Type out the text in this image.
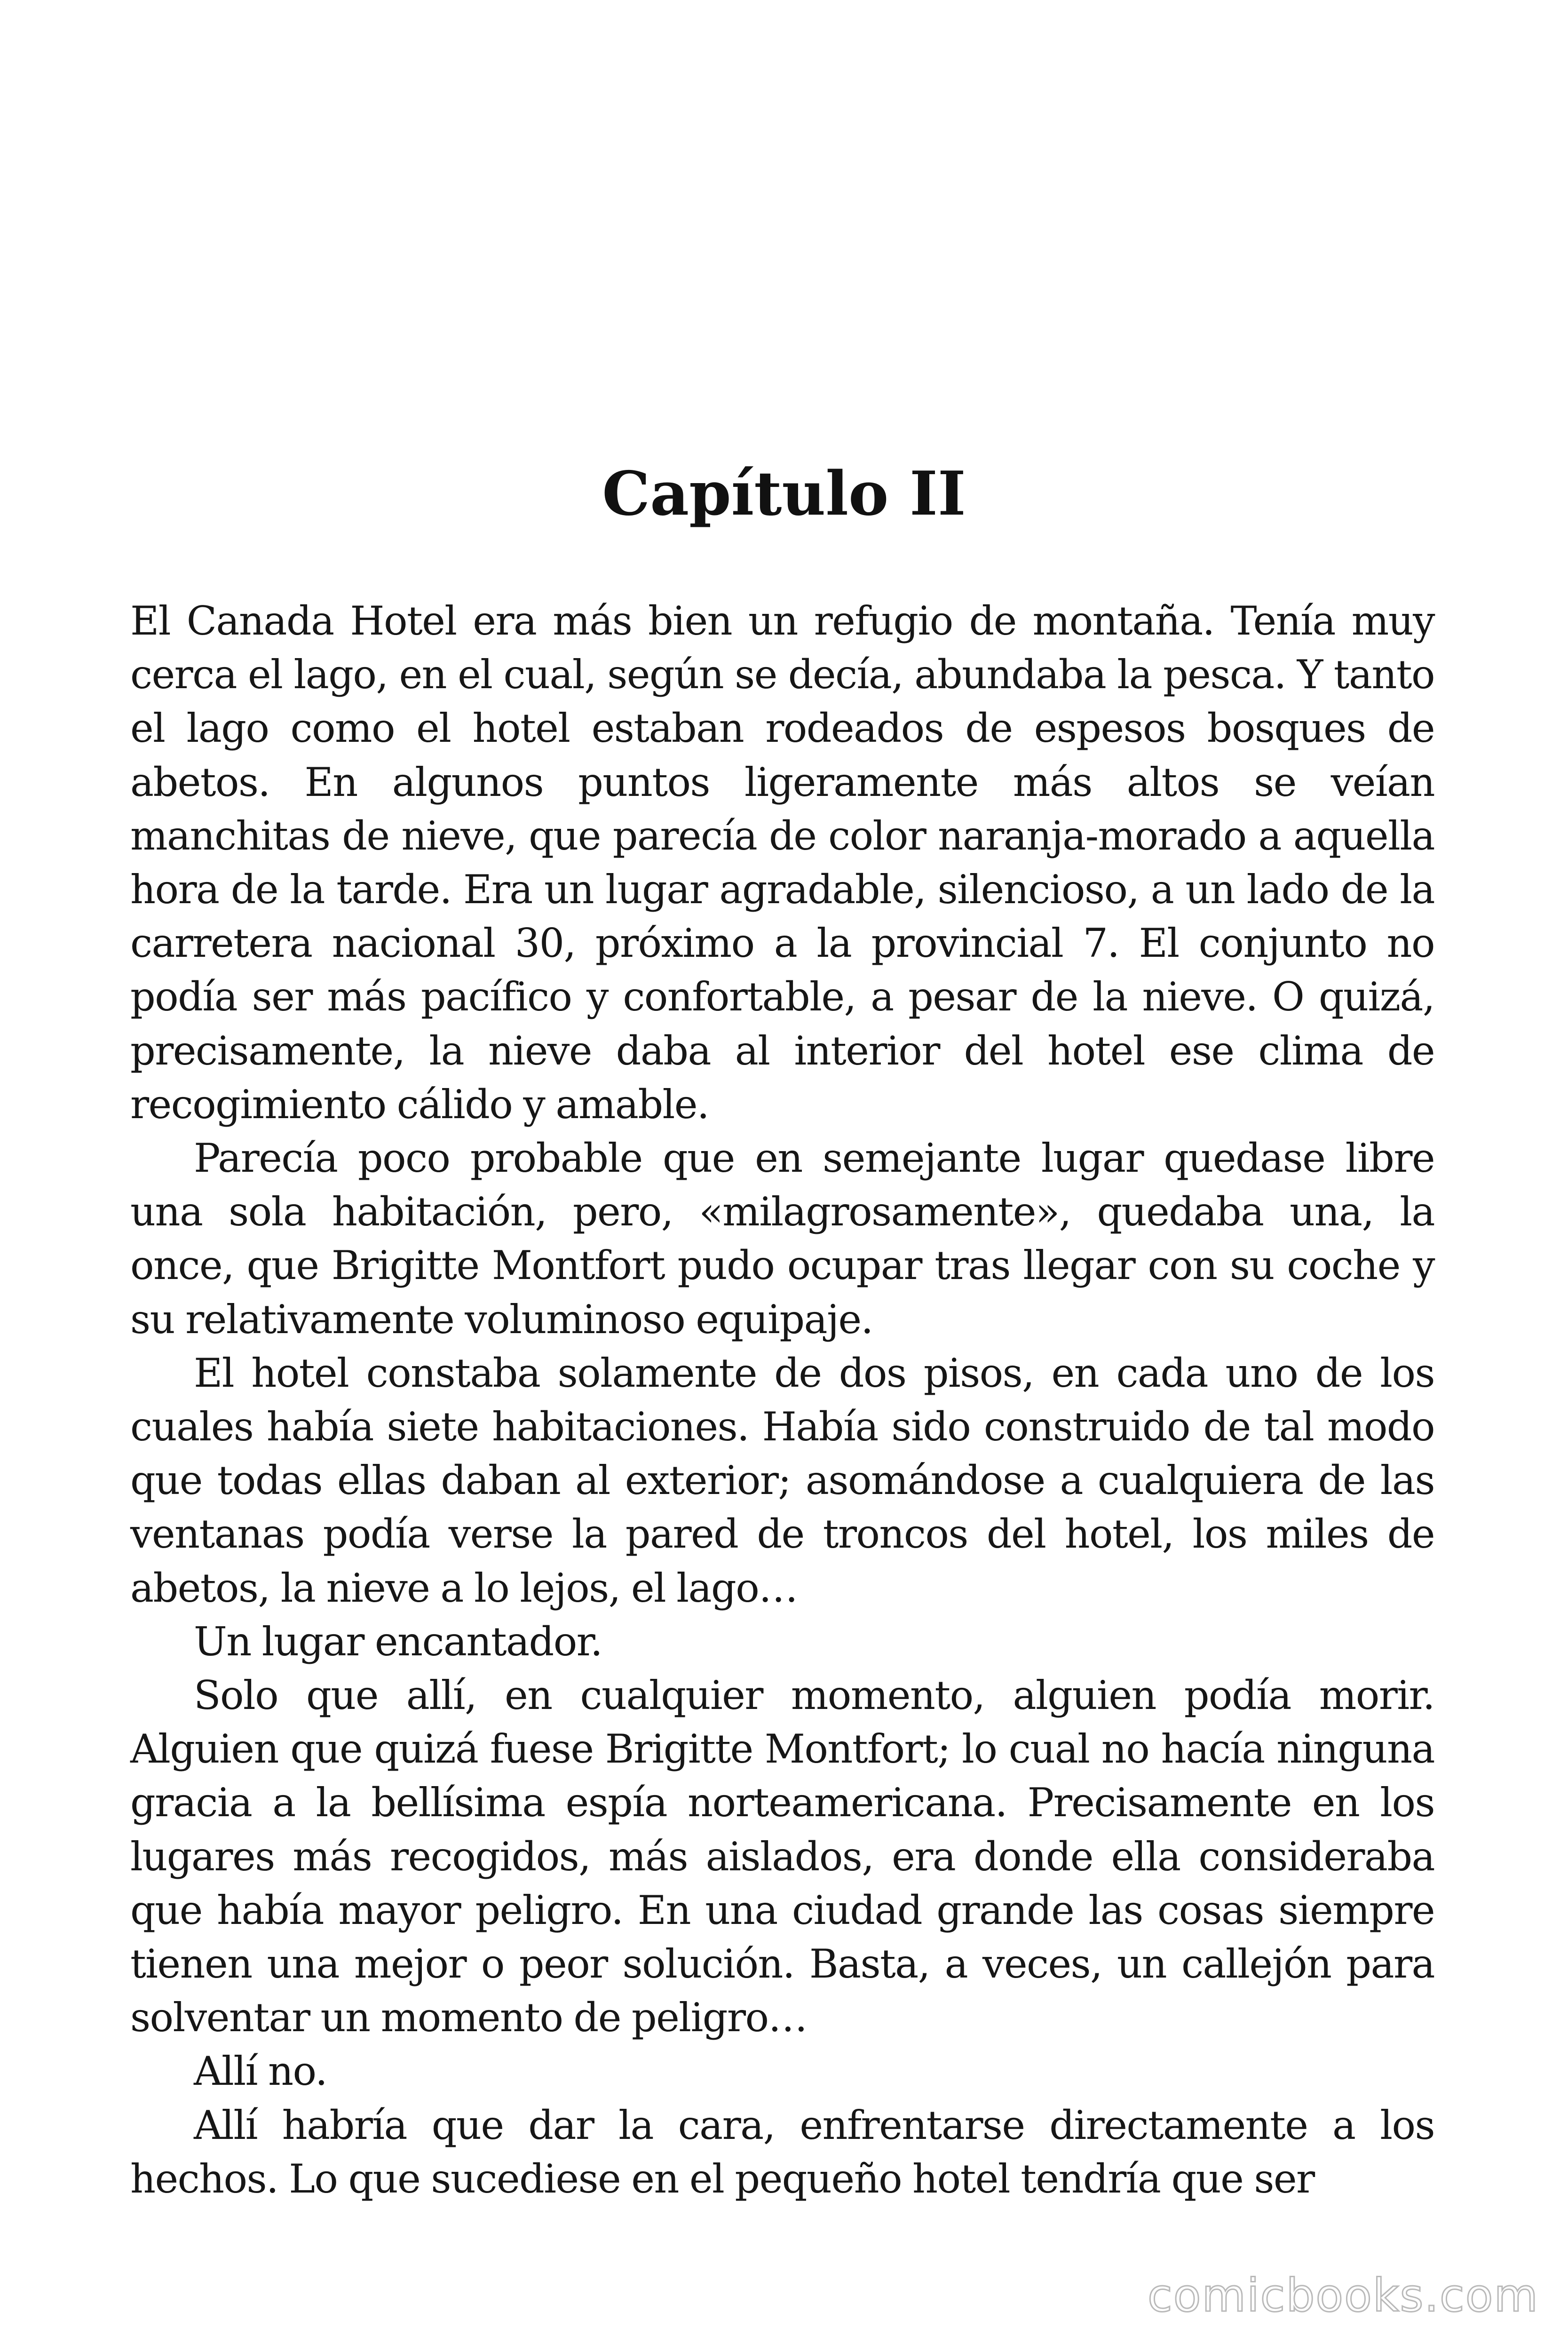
Capítulo II

El Canada Hotel era más bien un refugio de montaña. Tenía muy cerca el lago, en el cual, según se decía, abundaba la pesca. Y tanto el lago como el hotel estaban rodeados de espesos bosques de abetos. En algunos puntos ligeramente más altos se veían manchitas de nieve, que parecía de color naranja-morado a aquella hora de la tarde. Era un lugar agradable, silencioso, a un lado de la carretera nacional 30, próximo a la provincial 7. El conjunto no podía ser más pacífico y confortable, a pesar de la nieve. O quizá, precisamente, la nieve daba al interior del hotel ese clima de recogimiento cálido y amable.

Parecía poco probable que en semejante lugar quedase libre una sola habitación, pero, «milagrosamente», quedaba una, la once, que Brigitte Montfort pudo ocupar tras llegar con su coche y su relativamente voluminoso equipaje.

El hotel constaba solamente de dos pisos, en cada uno de los cuales había siete habitaciones. Había sido construido de tal modo que todas ellas daban al exterior; asomándose a cualquiera de las ventanas podía verse la pared de troncos del hotel, los miles de abetos, la nieve a lo lejos, el lago…

Un lugar encantador.

Solo que allí, en cualquier momento, alguien podía morir. Alguien que quizá fuese Brigitte Montfort; lo cual no hacía ninguna gracia a la bellísima espía norteamericana. Precisamente en los lugares más recogidos, más aislados, era donde ella consideraba que había mayor peligro. En una ciudad grande las cosas siempre tienen una mejor o peor solución. Basta, a veces, un callejón para solventar un momento de peligro…

Allí no.

Allí habría que dar la cara, enfrentarse directamente a los hechos. Lo que sucediese en el pequeño hotel tendría que ser

comicbooks.com
